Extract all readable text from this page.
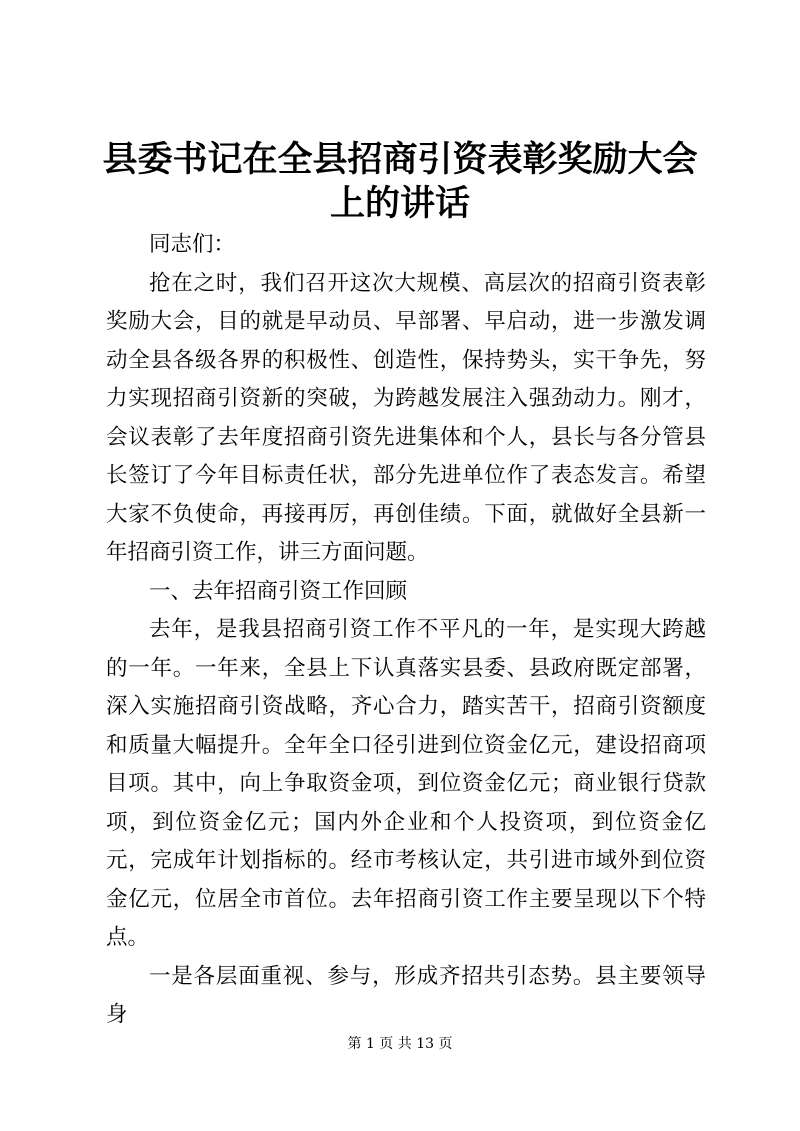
县委书记在全县招商引资表彰奖励大会上的讲话

同志们：

抢在之时，我们召开这次大规模、高层次的招商引资表彰奖励大会，目的就是早动员、早部署、早启动，进一步激发调动全县各级各界的积极性、创造性，保持势头，实干争先，努力实现招商引资新的突破，为跨越发展注入强劲动力。刚才，会议表彰了去年度招商引资先进集体和个人，县长与各分管县长签订了今年目标责任状，部分先进单位作了表态发言。希望大家不负使命，再接再厉，再创佳绩。下面，就做好全县新一年招商引资工作，讲三方面问题。

一、去年招商引资工作回顾

去年，是我县招商引资工作不平凡的一年，是实现大跨越的一年。一年来，全县上下认真落实县委、县政府既定部署，深入实施招商引资战略，齐心合力，踏实苦干，招商引资额度和质量大幅提升。全年全口径引进到位资金亿元，建设招商项目项。其中，向上争取资金项，到位资金亿元；商业银行贷款项，到位资金亿元；国内外企业和个人投资项，到位资金亿元，完成年计划指标的。经市考核认定，共引进市域外到位资金亿元，位居全市首位。去年招商引资工作主要呈现以下个特点。

一是各层面重视、参与，形成齐招共引态势。县主要领导身

第 1 页 共 13 页
